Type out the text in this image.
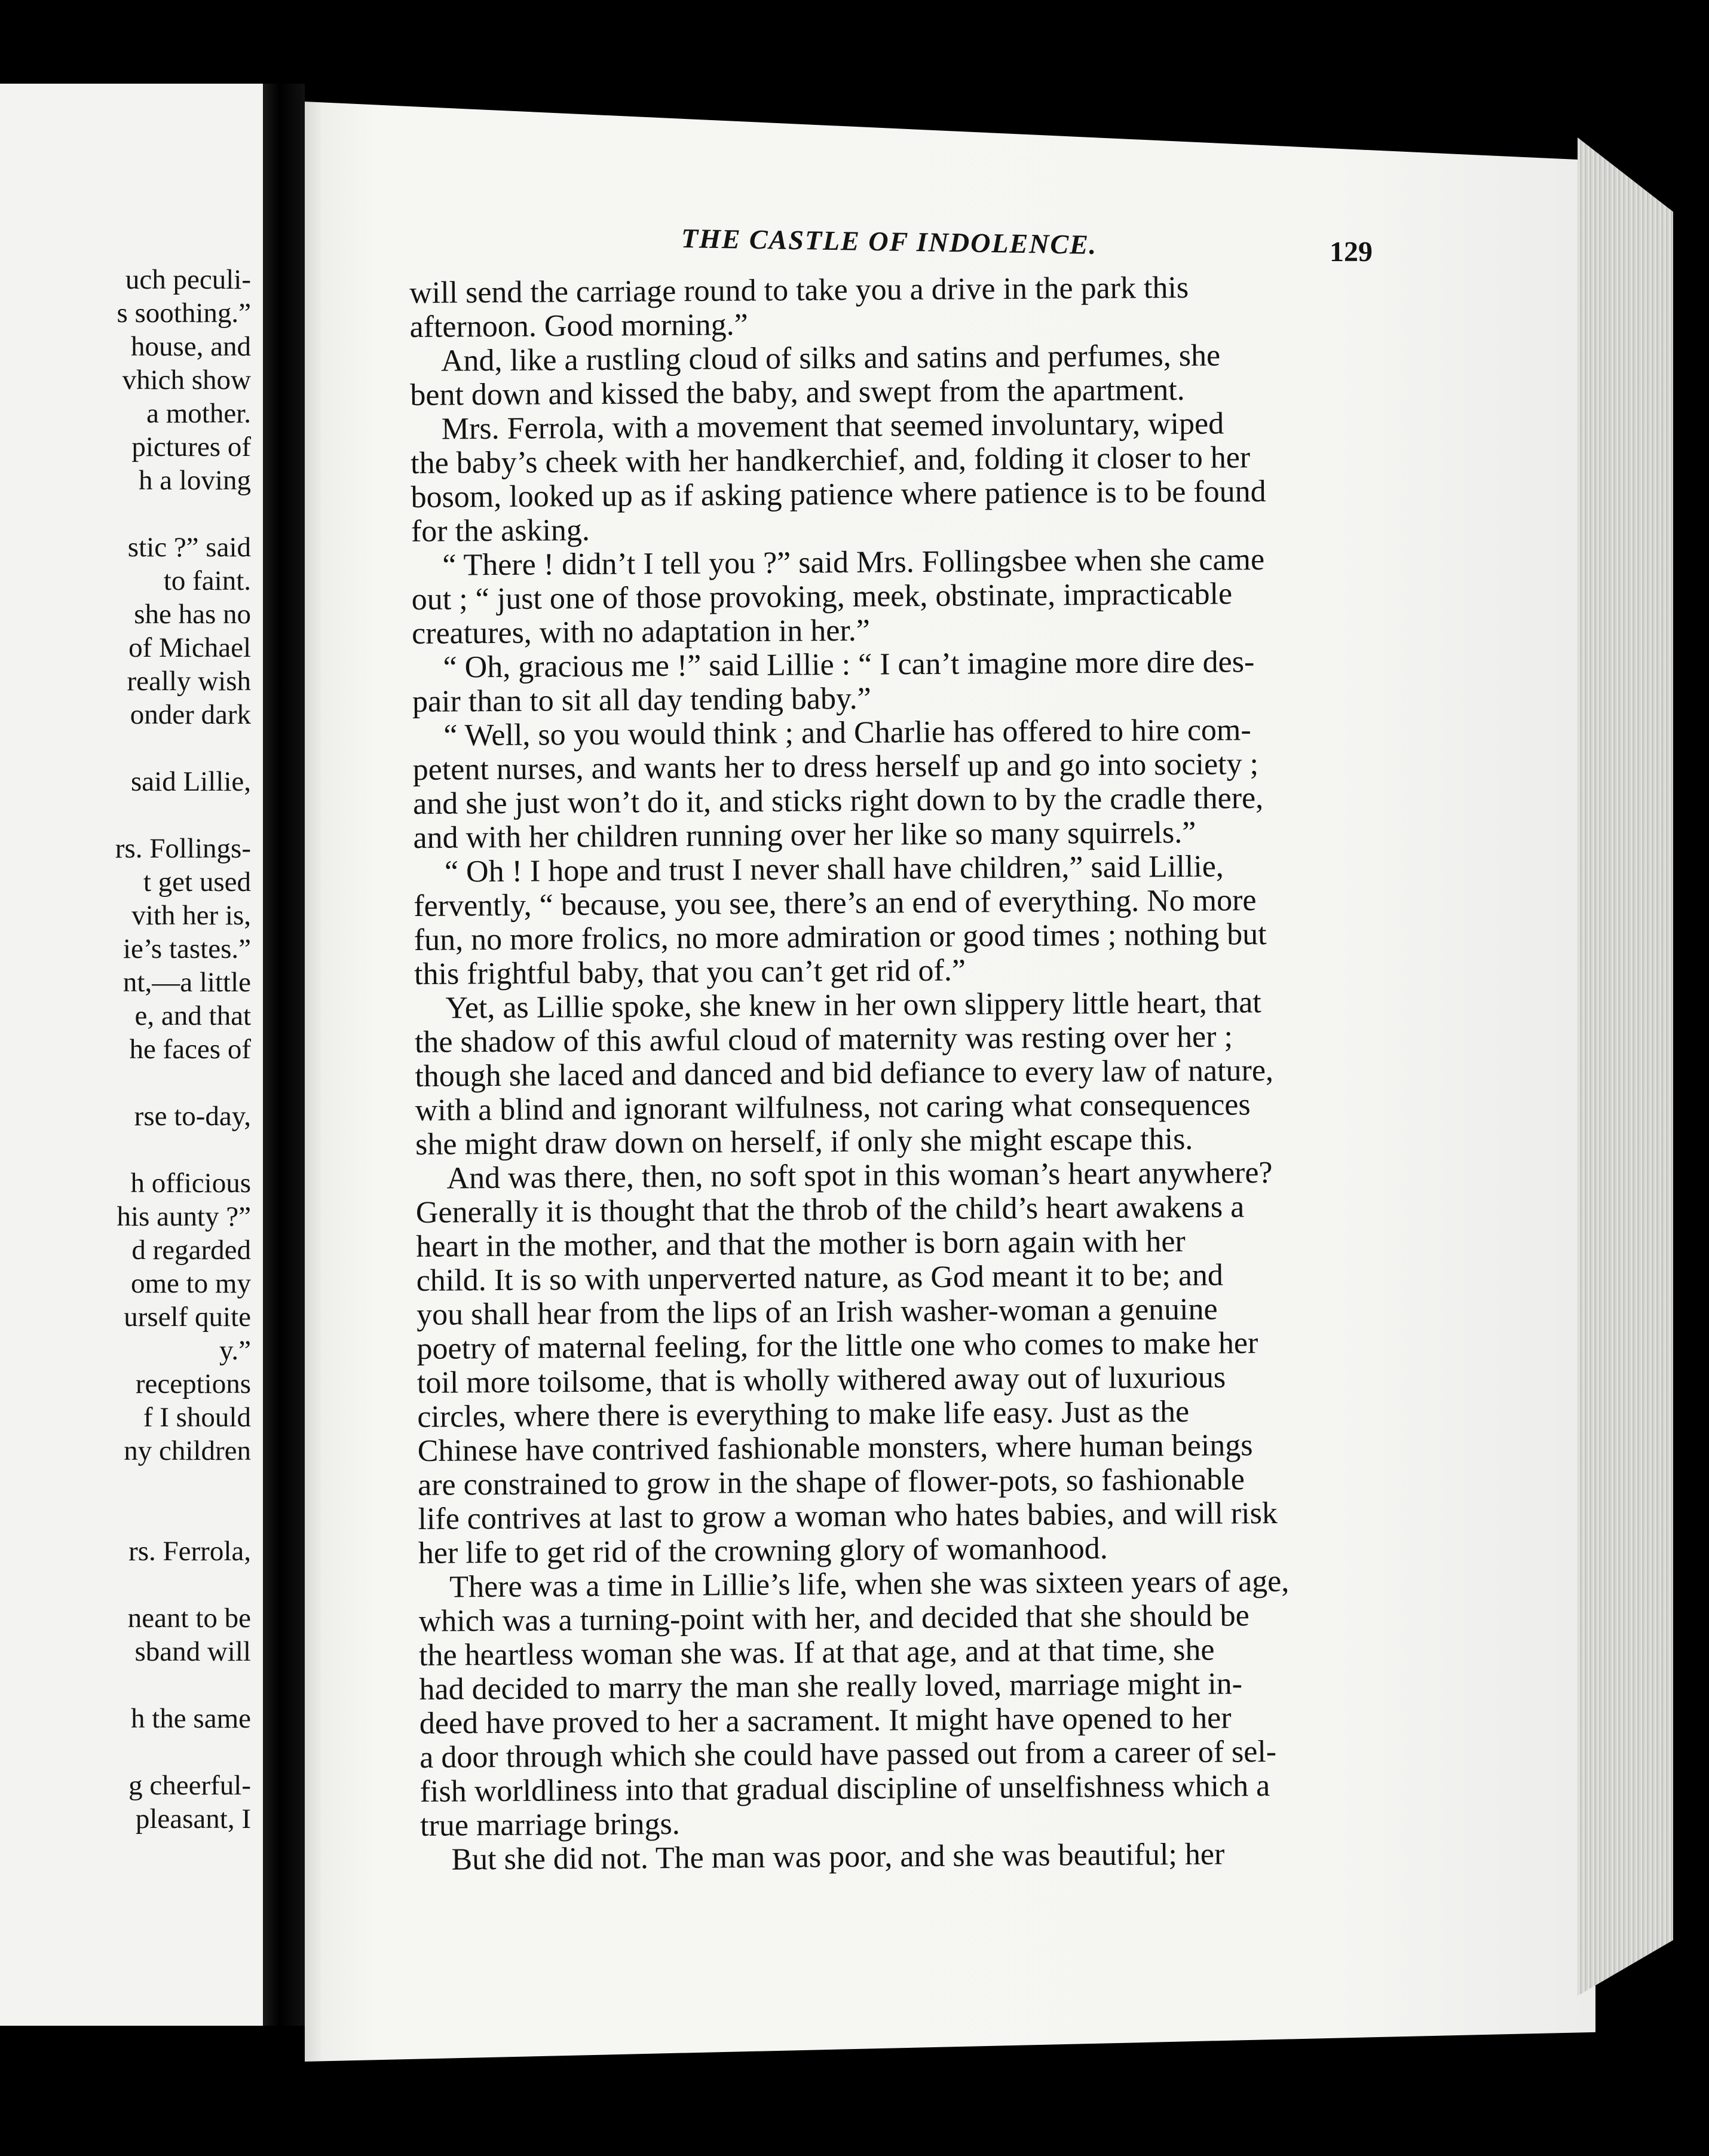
uch peculi-
s soothing.”
house, and
vhich show
a mother.
pictures of
h a loving
stic ?” said
to faint.
she has no
of Michael
really wish
onder dark
said Lillie,
rs. Follings-
t get used
vith her is,
ie’s tastes.”
nt,—a little
e, and that
he faces of
rse to-day,
h officious
his aunty ?”
d regarded
ome to my
urself quite
y.”
receptions
f I should
ny children
rs. Ferrola,
neant to be
sband will
h the same
g cheerful-
pleasant, I
THE CASTLE OF INDOLENCE.	129
will send the carriage round to take you a drive in the park this
afternoon. Good morning.”
And, like a rustling cloud of silks and satins and perfumes, she
bent down and kissed the baby, and swept from the apartment.
Mrs. Ferrola, with a movement that seemed involuntary, wiped
the baby’s cheek with her handkerchief, and, folding it closer to her
bosom, looked up as if asking patience where patience is to be found
for the asking.
“ There ! didn’t I tell you ?” said Mrs. Follingsbee when she came
out ; “ just one of those provoking, meek, obstinate, impracticable
creatures, with no adaptation in her.”
“ Oh, gracious me !” said Lillie : “ I can’t imagine more dire des-
pair than to sit all day tending baby.”
“ Well, so you would think ; and Charlie has offered to hire com-
petent nurses, and wants her to dress herself up and go into society ;
and she just won’t do it, and sticks right down to by the cradle there,
and with her children running over her like so many squirrels.”
“ Oh ! I hope and trust I never shall have children,” said Lillie,
fervently, “ because, you see, there’s an end of everything. No more
fun, no more frolics, no more admiration or good times ; nothing but
this frightful baby, that you can’t get rid of.”
Yet, as Lillie spoke, she knew in her own slippery little heart, that
the shadow of this awful cloud of maternity was resting over her ;
though she laced and danced and bid defiance to every law of nature,
with a blind and ignorant wilfulness, not caring what consequences
she might draw down on herself, if only she might escape this.
And was there, then, no soft spot in this woman’s heart anywhere?
Generally it is thought that the throb of the child’s heart awakens a
heart in the mother, and that the mother is born again with her
child. It is so with unperverted nature, as God meant it to be; and
you shall hear from the lips of an Irish washer-woman a genuine
poetry of maternal feeling, for the little one who comes to make her
toil more toilsome, that is wholly withered away out of luxurious
circles, where there is everything to make life easy. Just as the
Chinese have contrived fashionable monsters, where human beings
are constrained to grow in the shape of flower-pots, so fashionable
life contrives at last to grow a woman who hates babies, and will risk
her life to get rid of the crowning glory of womanhood.
There was a time in Lillie’s life, when she was sixteen years of age,
which was a turning-point with her, and decided that she should be
the heartless woman she was. If at that age, and at that time, she
had decided to marry the man she really loved, marriage might in-
deed have proved to her a sacrament. It might have opened to her
a door through which she could have passed out from a career of sel-
fish worldliness into that gradual discipline of unselfishness which a
true marriage brings.
But she did not. The man was poor, and she was beautiful; her
